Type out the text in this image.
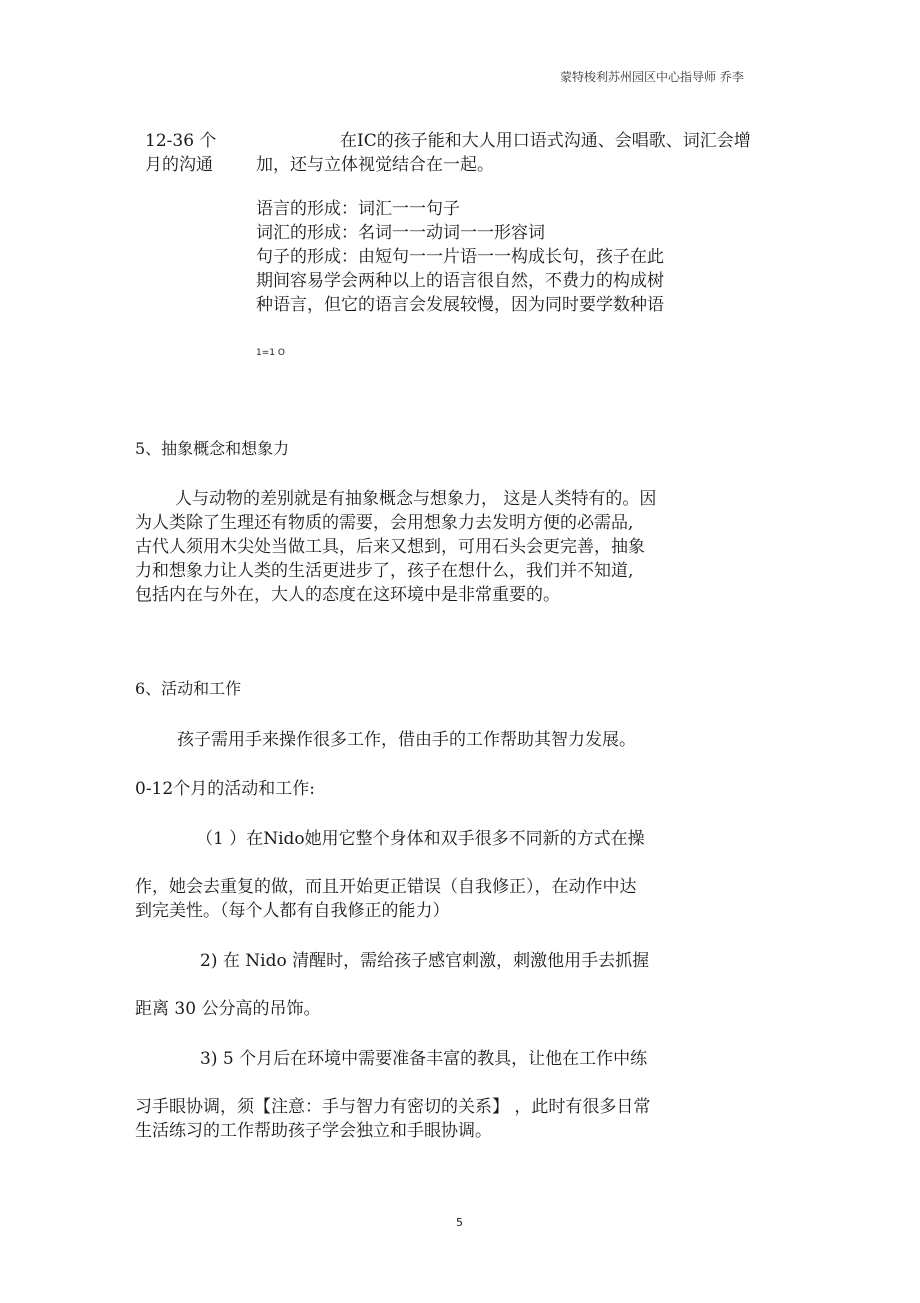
蒙特梭利苏州园区中心指导师 乔李
12-36 个
月的沟通
在IC的孩子能和大人用口语式沟通、会唱歌、词汇会增
加，还与立体视觉结合在一起。
语言的形成：词汇一一句子
词汇的形成：名词一一动词一一形容词
句子的形成：由短句一一片语一一构成长句，孩子在此
期间容易学会两种以上的语言很自然，不费力的构成树
种语言，但它的语言会发展较慢，因为同时要学数种语
1=1 O
5、抽象概念和想象力
人与动物的差别就是有抽象概念与想象力， 这是人类特有的。因
为人类除了生理还有物质的需要，会用想象力去发明方便的必需品,
古代人须用木尖处当做工具，后来又想到，可用石头会更完善，抽象
力和想象力让人类的生活更进步了，孩子在想什么，我们并不知道,
包括内在与外在，大人的态度在这环境中是非常重要的。
6、活动和工作
孩子需用手来操作很多工作，借由手的工作帮助其智力发展。
0-12个月的活动和工作:
（1 ）在Nido她用它整个身体和双手很多不同新的方式在操
作，她会去重复的做，而且开始更正错误（自我修正），在动作中达
到完美性。（每个人都有自我修正的能力）
2) 在 Nido 清醒时，需给孩子感官刺激，刺激他用手去抓握
距离 30 公分高的吊饰。
3) 5 个月后在环境中需要准备丰富的教具，让他在工作中练
习手眼协调，须【注意：手与智力有密切的关系】 ，此时有很多日常
生活练习的工作帮助孩子学会独立和手眼协调。
5
